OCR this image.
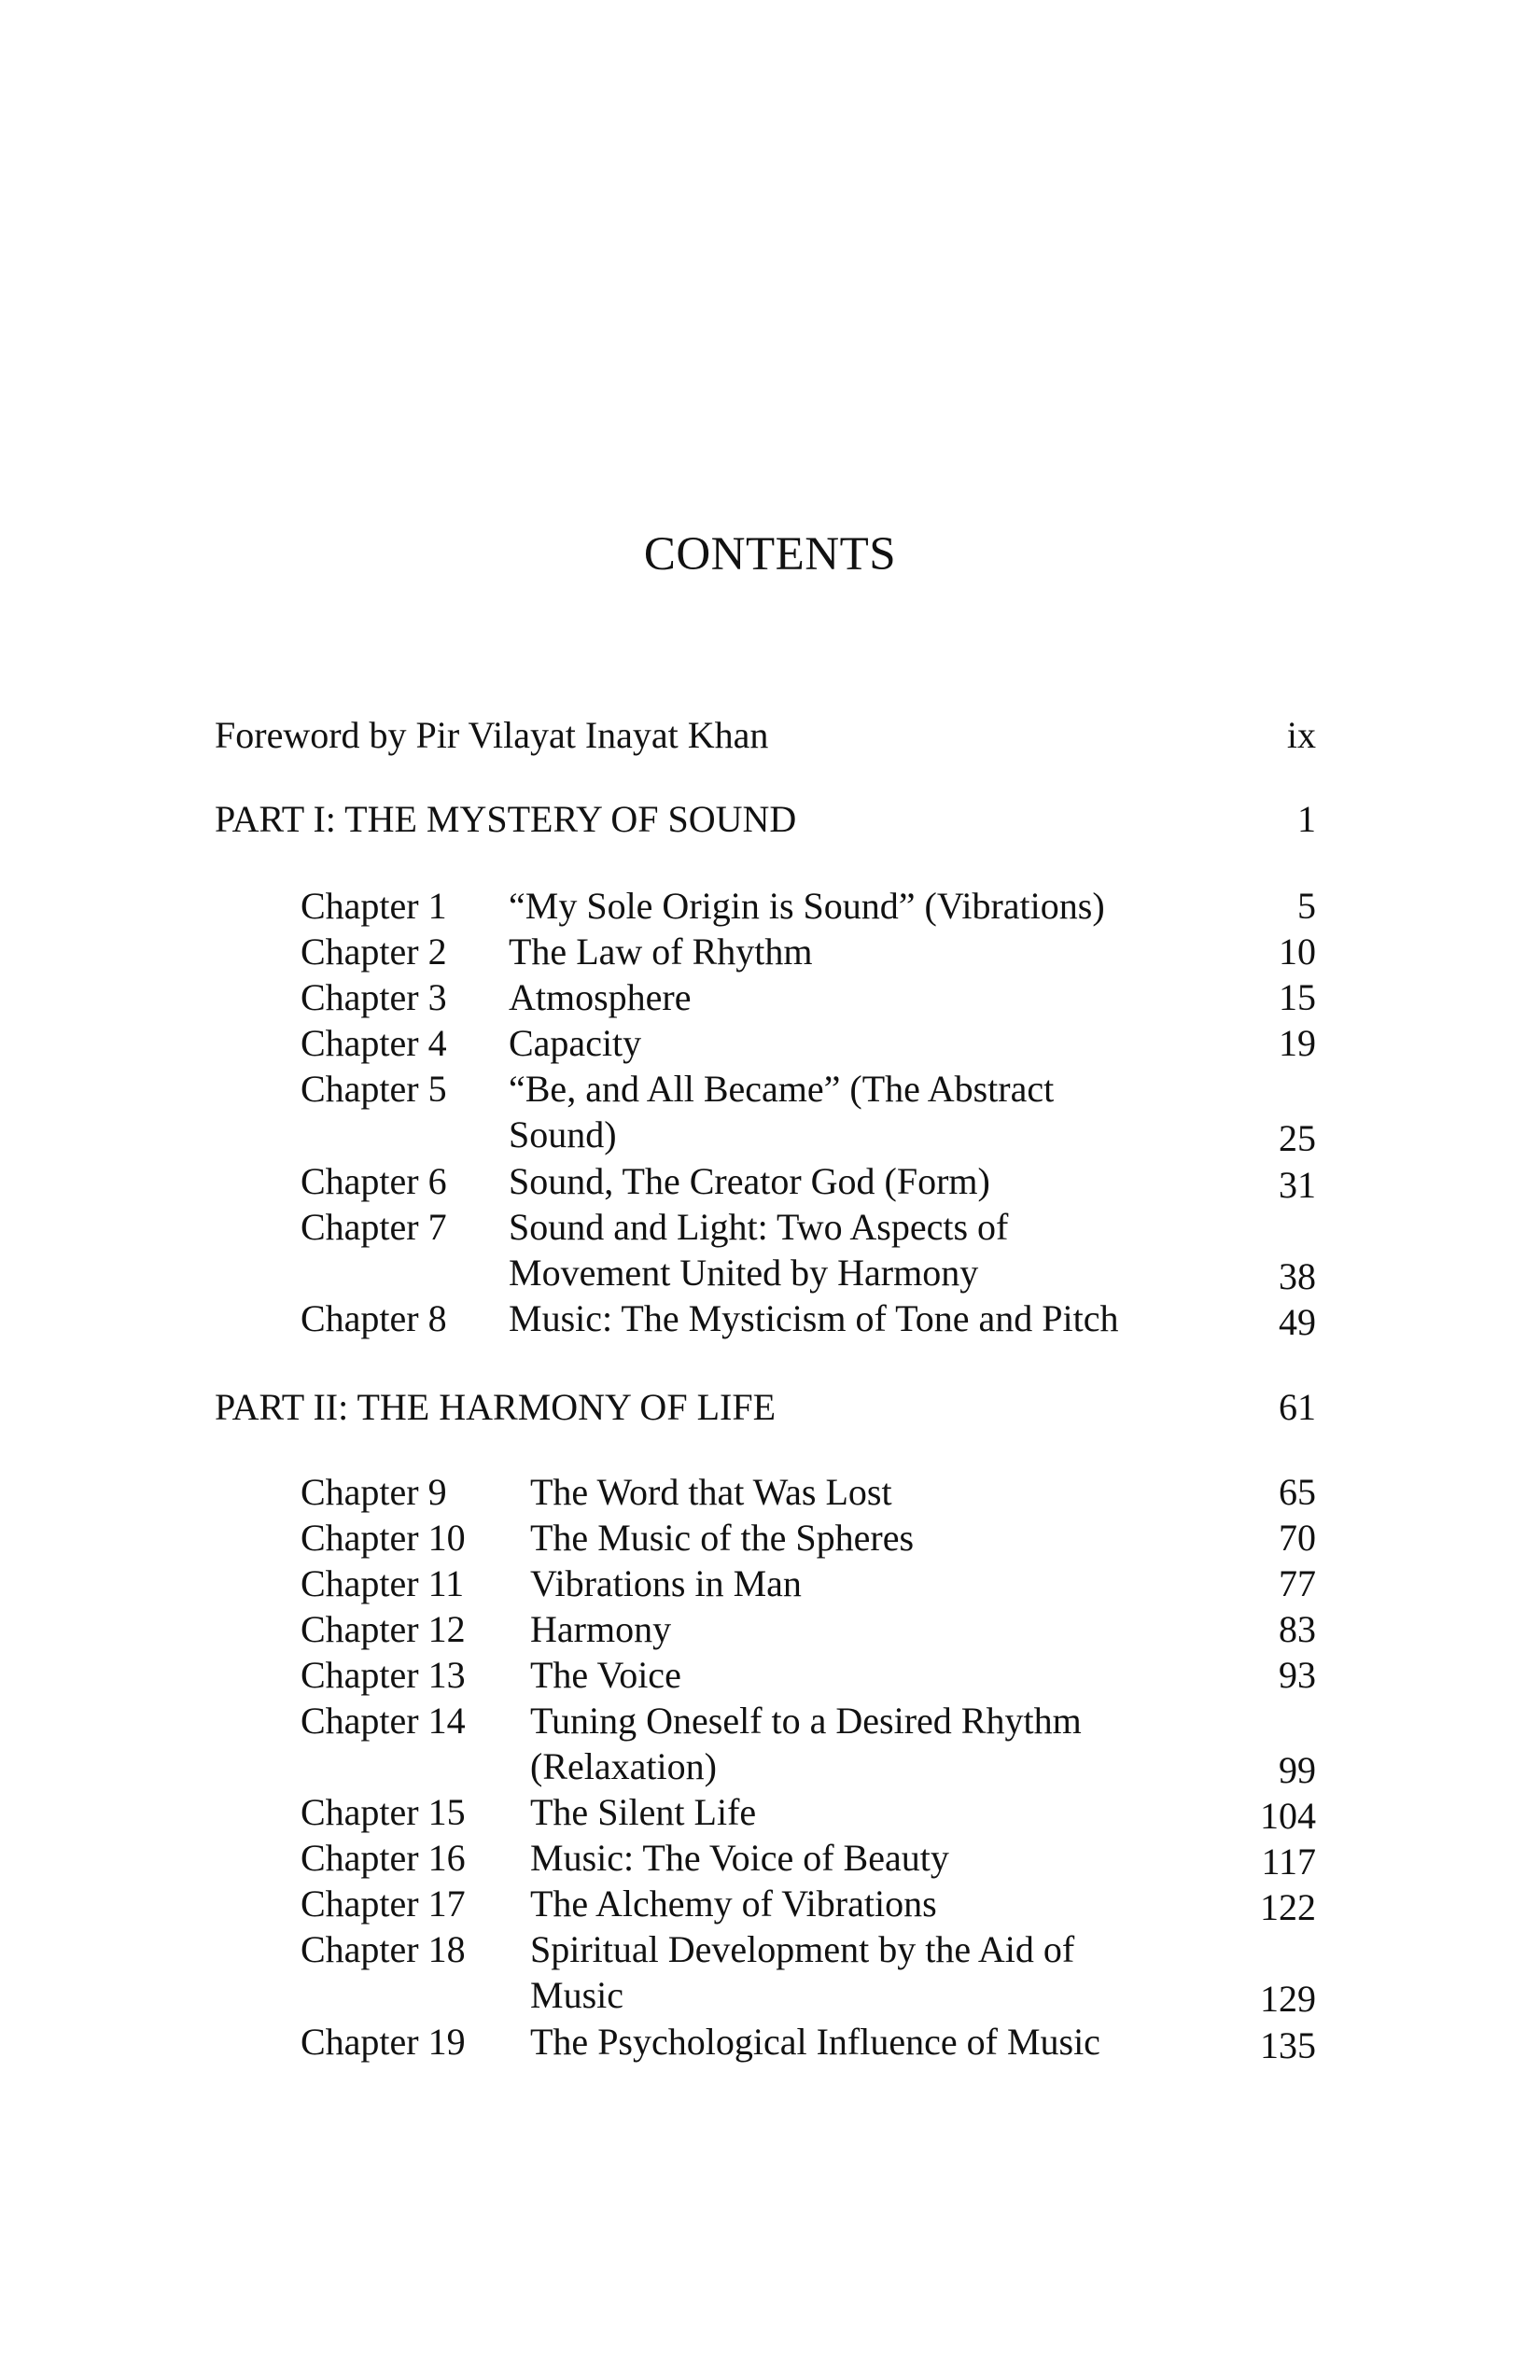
CONTENTS
Foreword by Pir Vilayat Inayat Khan	ix
PART I: THE MYSTERY OF SOUND	1
Chapter 1 “My Sole Origin is Sound” (Vibrations)	5
Chapter 2 The Law of Rhythm	10
Chapter 3 Atmosphere	15
Chapter 4 Capacity	19
Chapter 5 “Be, and All Became” (The Abstract
Sound)	25
Chapter 6 Sound, The Creator God (Form)	31
Chapter 7 Sound and Light: Two Aspects of
Movement United by Harmony	38
Chapter 8 Music: The Mysticism of Tone and Pitch	49
PART II: THE HARMONY OF LIFE	61
Chapter 9 The Word that Was Lost	65
Chapter 10 The Music of the Spheres	70
Chapter 11 Vibrations in Man	77
Chapter 12 Harmony	83
Chapter 13 The Voice	93
Chapter 14 Tuning Oneself to a Desired Rhythm
(Relaxation)	99
Chapter 15 The Silent Life	104
Chapter 16 Music: The Voice of Beauty	117
Chapter 17 The Alchemy of Vibrations	122
Chapter 18 Spiritual Development by the Aid of
Music	129
Chapter 19 The Psychological Influence of Music	135
